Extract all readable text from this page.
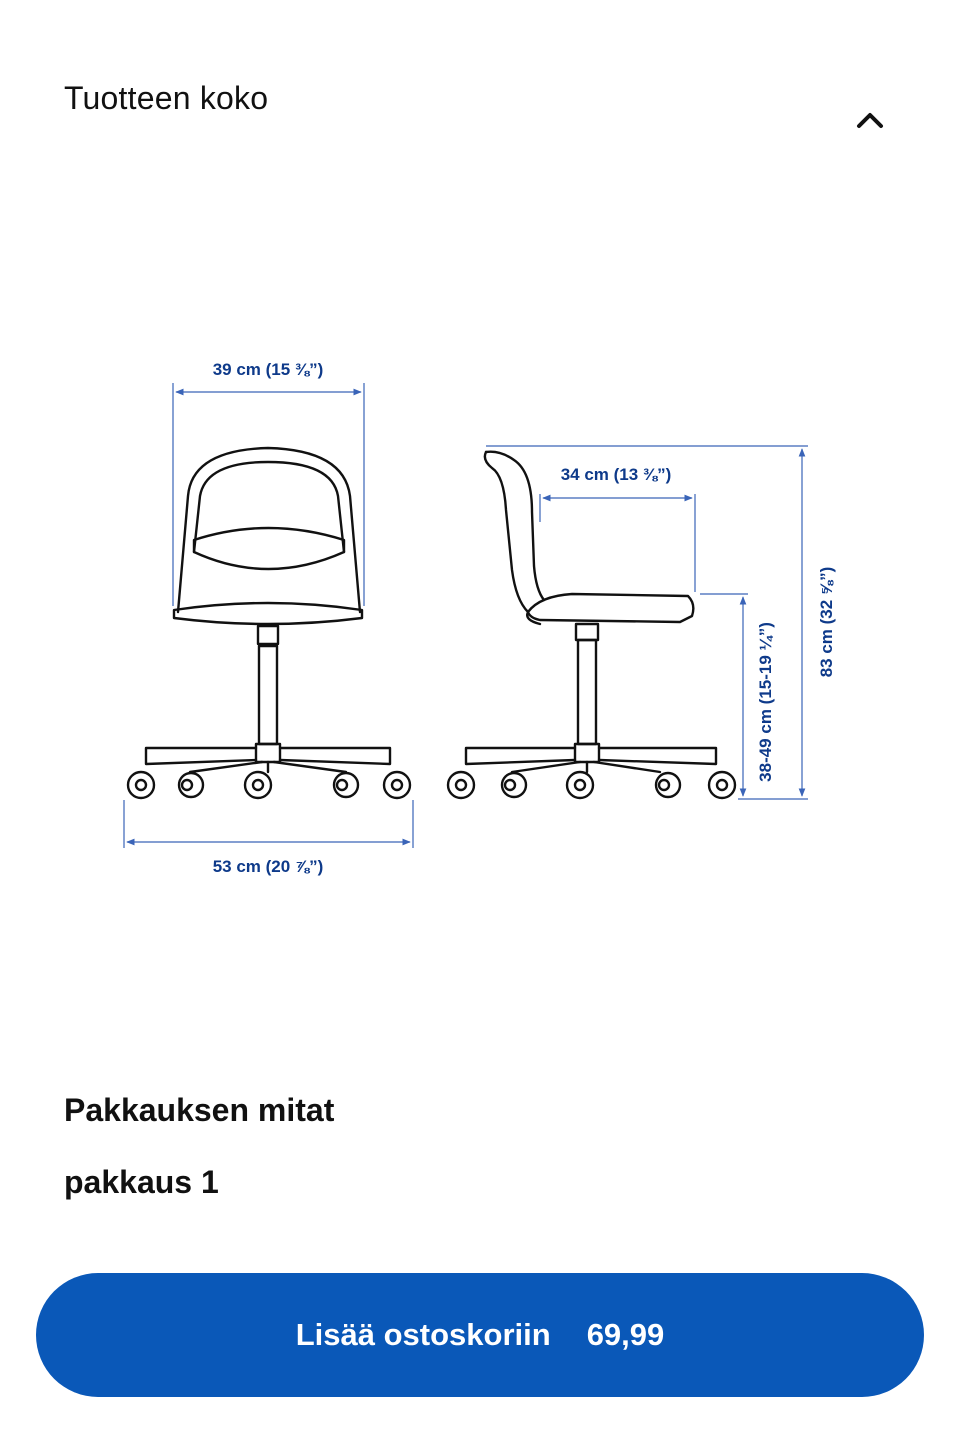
Tuotteen koko
39 cm (15 ⅜”)
53 cm (20 ⅞”)
34 cm (13 ⅜”)
38-49 cm (15-19 ¼”)
83 cm (32 ⅝”)
Pakkauksen mitat
pakkaus 1
Lisää ostoskoriin 69,99
